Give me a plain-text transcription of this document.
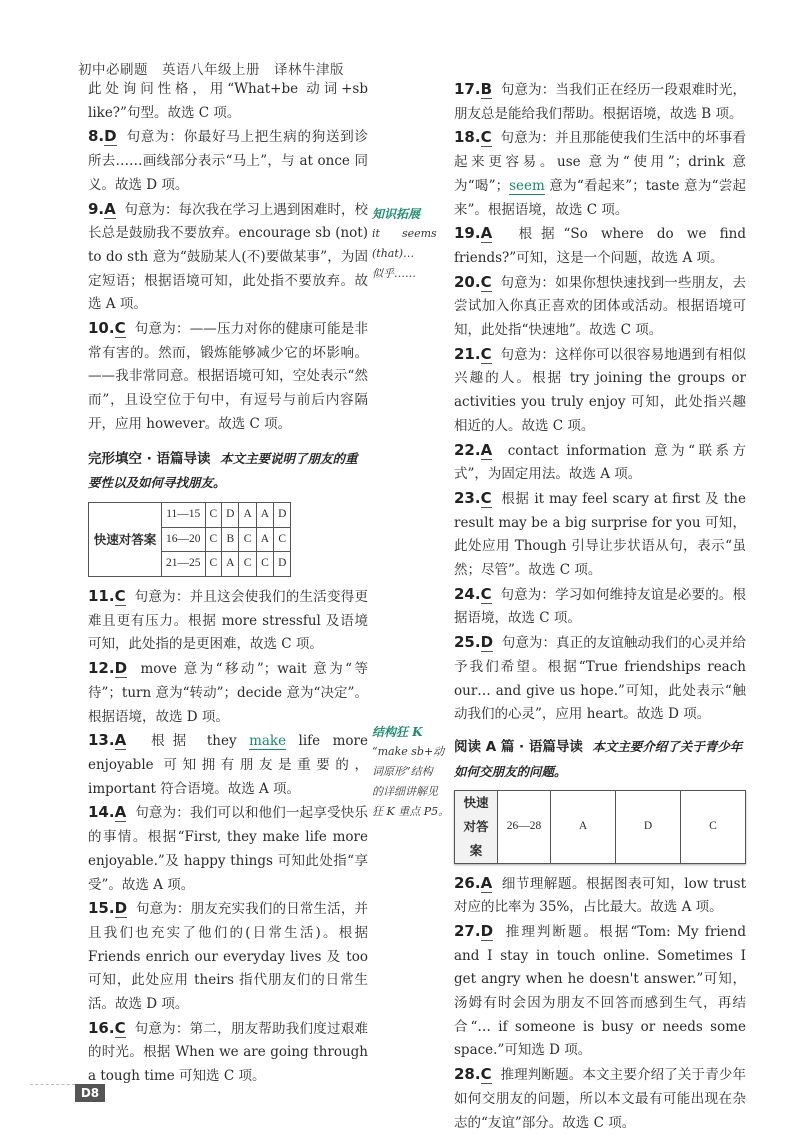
初中必刷题　英语八年级上册　译林牛津版

此处询问性格，用“What+be 动词+sb like?”句型。故选 C 项。

8.D 句意为：你最好马上把生病的狗送到诊所去……画线部分表示“马上”，与 at once 同义。故选 D 项。

9.A 句意为：每次我在学习上遇到困难时，校长总是鼓励我不要放弃。encourage sb (not) to do sth 意为“鼓励某人(不)要做某事”，为固定短语；根据语境可知，此处指不要放弃。故选 A 项。

10.C 句意为：——压力对你的健康可能是非常有害的。然而，锻炼能够减少它的坏影响。——我非常同意。根据语境可知，空处表示“然而”，且设空位于句中，有逗号与前后内容隔开，应用 however。故选 C 项。

完形填空 · 语篇导读 本文主要说明了朋友的重要性以及如何寻找朋友。
快速对答案	11—15	C	D	A	A	D
	16—20	C	B	C	A	C
	21—25	C	A	C	C	D

11.C 句意为：并且这会使我们的生活变得更难且更有压力。根据 more stressful 及语境可知，此处指的是更困难，故选 C 项。

12.D move 意为“移动”；wait 意为“等待”；turn 意为“转动”；decide 意为“决定”。根据语境，故选 D 项。

13.A 根据 they make life more enjoyable 可知拥有朋友是重要的，important 符合语境。故选 A 项。

14.A 句意为：我们可以和他们一起享受快乐的事情。根据“First, they make life more enjoyable.”及 happy things 可知此处指“享受”。故选 A 项。

15.D 句意为：朋友充实我们的日常生活，并且我们也充实了他们的(日常生活)。根据 Friends enrich our everyday lives 及 too 可知，此处应用 theirs 指代朋友们的日常生活。故选 D 项。

16.C 句意为：第二，朋友帮助我们度过艰难的时光。根据 When we are going through a tough time 可知选 C 项。

知识拓展
it　　seems
(that)…
似乎……
结构狂 K
“make sb+动
词原形”结构
的详细讲解见
狂 K 重点 P5。

17.B 句意为：当我们正在经历一段艰难时光，朋友总是能给我们帮助。根据语境，故选 B 项。

18.C 句意为：并且那能使我们生活中的坏事看起来更容易。use 意为“使用”；drink 意为“喝”；seem 意为“看起来”；taste 意为“尝起来”。根据语境，故选 C 项。

19.A 根据“So where do we find friends?”可知，这是一个问题，故选 A 项。

20.C 句意为：如果你想快速找到一些朋友，去尝试加入你真正喜欢的团体或活动。根据语境可知，此处指“快速地”。故选 C 项。

21.C 句意为：这样你可以很容易地遇到有相似兴趣的人。根据 try joining the groups or activities you truly enjoy 可知，此处指兴趣相近的人。故选 C 项。

22.A contact information 意为“联系方式”，为固定用法。故选 A 项。

23.C 根据 it may feel scary at first 及 the result may be a big surprise for you 可知，此处应用 Though 引导让步状语从句，表示“虽然；尽管”。故选 C 项。

24.C 句意为：学习如何维持友谊是必要的。根据语境，故选 C 项。

25.D 句意为：真正的友谊触动我们的心灵并给予我们希望。根据“True friendships reach our… and give us hope.”可知，此处表示“触动我们的心灵”，应用 heart。故选 D 项。

阅读 A 篇 · 语篇导读 本文主要介绍了关于青少年如何交朋友的问题。
快速对答案	26—28	A	D	C

26.A 细节理解题。根据图表可知，low trust 对应的比率为 35%，占比最大。故选 A 项。

27.D 推理判断题。根据“Tom: My friend and I stay in touch online. Sometimes I get angry when he doesn't answer.”可知，汤姆有时会因为朋友不回答而感到生气，再结合“… if someone is busy or needs some space.”可知选 D 项。

28.C 推理判断题。本文主要介绍了关于青少年如何交朋友的问题，所以本文最有可能出现在杂志的“友谊”部分。故选 C 项。

D8
